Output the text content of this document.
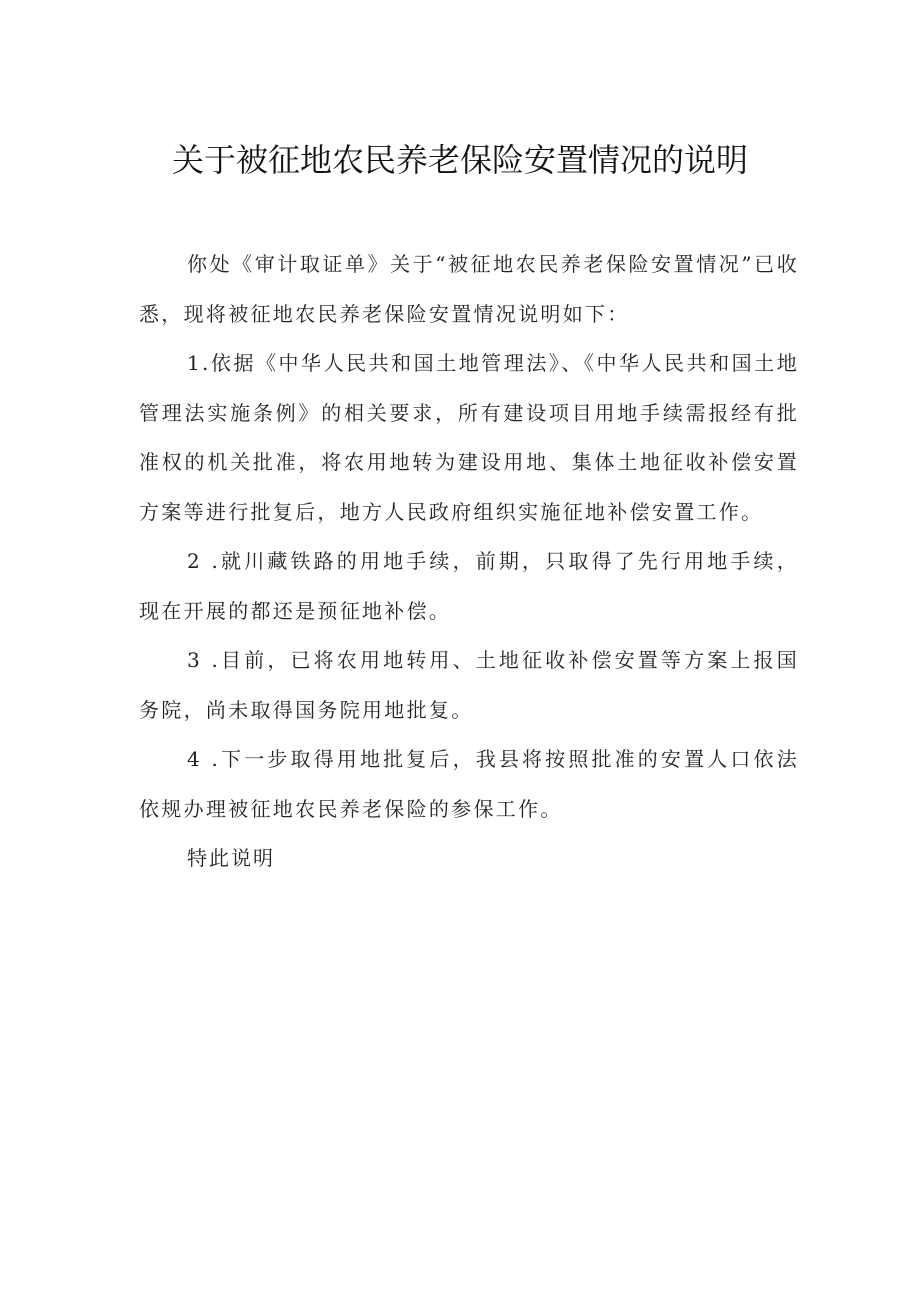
关于被征地农民养老保险安置情况的说明

你处《审计取证单》关于“被征地农民养老保险安置情况”已收悉，现将被征地农民养老保险安置情况说明如下：

1.依据《中华人民共和国土地管理法》、《中华人民共和国土地管理法实施条例》的相关要求，所有建设项目用地手续需报经有批准权的机关批准，将农用地转为建设用地、集体土地征收补偿安置方案等进行批复后，地方人民政府组织实施征地补偿安置工作。

2 .就川藏铁路的用地手续，前期，只取得了先行用地手续，现在开展的都还是预征地补偿。

3 .目前，已将农用地转用、土地征收补偿安置等方案上报国务院，尚未取得国务院用地批复。

4 .下一步取得用地批复后，我县将按照批准的安置人口依法依规办理被征地农民养老保险的参保工作。

特此说明
